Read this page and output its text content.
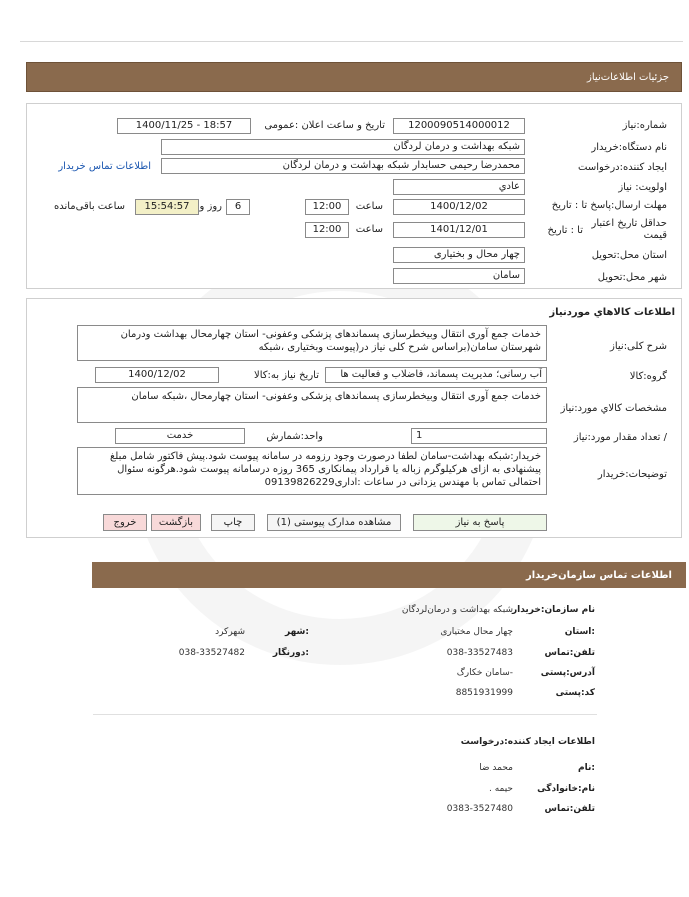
جزئیات اطلاعات‌نیاز
شماره:نیاز
1200090514000012
تاریخ و ساعت اعلان :عمومی
1400/11/25 - 18:57
نام دستگاه:خریدار
شبکه بهداشت و درمان لردگان
ایجاد کننده:درخواست
محمدرضا رحیمی حسابدار شبکه بهداشت و درمان لردگان
اطلاعات تماس خریدار
اولویت: نیاز
عادي
مهلت ارسال:پاسخ تا : تاریخ
1400/12/02
ساعت
12:00
6
روز و
15:54:57
ساعت باقی‌مانده
حداقل تاریخ اعتبار قیمت
تا : تاریخ
1401/12/01
ساعت
12:00
استان محل:تحویل
چهار محال و بختیاری
شهر محل:تحویل
سامان
اطلاعات کالاهاي موردنیاز
شرح کلی:نیاز
خدمات جمع آوری انتقال وبیخطرسازی پسماندهای پزشکی وعفونی- استان چهارمحال بهداشت ودرمان شهرستان سامان(براساس شرح کلی نیاز در(پیوست وبختیاری ،شبکه
گروه:کالا
آب رسانی؛ مدیریت پسماند، فاضلاب و فعالیت ها
تاریخ نیاز به:کالا
1400/12/02
مشخصات کالاي مورد:نیاز
خدمات جمع آوری انتقال وبیخطرسازی پسماندهای پزشکی وعفونی- استان چهارمحال ،شبکه سامان
/ تعداد مقدار مورد:نیاز
1
واحد:شمارش
خدمت
توضیحات:خریدار
خریدار:شبکه بهداشت-سامان لطفا درصورت وجود رزومه در سامانه پیوست شود.پیش فاکتور شامل مبلغ پیشنهادی به ازای هرکیلوگرم زباله یا قرارداد پیمانکاری 365 روزه درسامانه پیوست شود.هرگونه سئوال احتمالی تماس با مهندس یزدانی در ساعات :اداری09139826229
پاسخ به نیاز
مشاهده مدارک پیوستی (1)
چاپ
بازگشت
خروج
اطلاعات تماس سازمان‌خریدار
نام سازمان:خریدار
شبکه بهداشت و درمان‌لردگان
:استان
چهار محال مختیاری
:شهر
شهرکرد
تلفن:تماس
038-33527483
:دورنگار
038-33527482
آدرس:پستی
-سامان خکارگ
کد:پستی
8851931999
اطلاعات ایجاد کننده:درخواست
:نام
محمد ضا
نام:خانوادگی
حیمه .
تلفن:تماس
0383-3527480
